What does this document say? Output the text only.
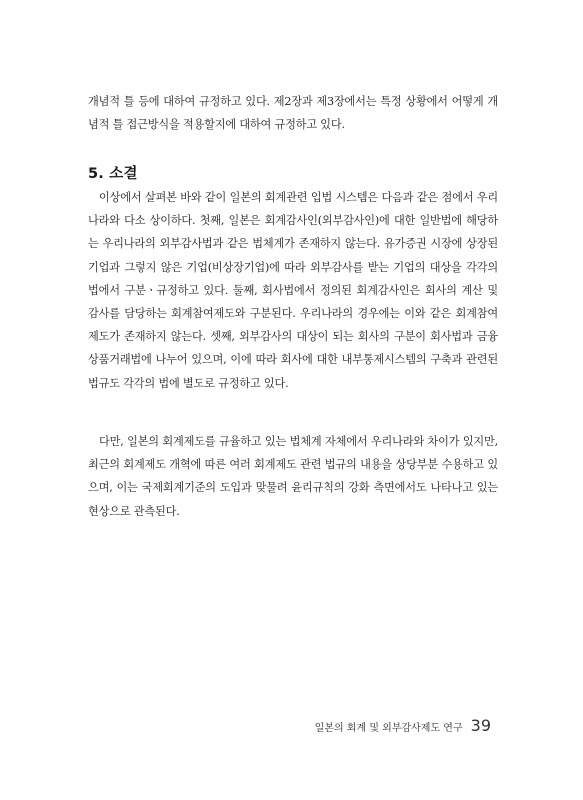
개념적 틀 등에 대하여 규정하고 있다. 제2장과 제3장에서는 특정 상황에서 어떻게 개념적 틀 접근방식을 적용할지에 대하여 규정하고 있다.

5. 소결

이상에서 살펴본 바와 같이 일본의 회계관련 입법 시스템은 다음과 같은 점에서 우리나라와 다소 상이하다. 첫째, 일본은 회계감사인(외부감사인)에 대한 일반법에 해당하는 우리나라의 외부감사법과 같은 법체계가 존재하지 않는다. 유가증권 시장에 상장된 기업과 그렇지 않은 기업(비상장기업)에 따라 외부감사를 받는 기업의 대상을 각각의 법에서 구분ㆍ규정하고 있다. 둘째, 회사법에서 정의된 회계감사인은 회사의 계산 및 감사를 담당하는 회계참여제도와 구분된다. 우리나라의 경우에는 이와 같은 회계참여제도가 존재하지 않는다. 셋째, 외부감사의 대상이 되는 회사의 구분이 회사법과 금융상품거래법에 나누어 있으며, 이에 따라 회사에 대한 내부통제시스템의 구축과 관련된 법규도 각각의 법에 별도로 규정하고 있다.

다만, 일본의 회계제도를 규율하고 있는 법체계 자체에서 우리나라와 차이가 있지만, 최근의 회계제도 개혁에 따른 여러 회계제도 관련 법규의 내용을 상당부분 수용하고 있으며, 이는 국제회계기준의 도입과 맞물려 윤리규칙의 강화 측면에서도 나타나고 있는 현상으로 관측된다.

일본의 회계 및 외부감사제도 연구 39
